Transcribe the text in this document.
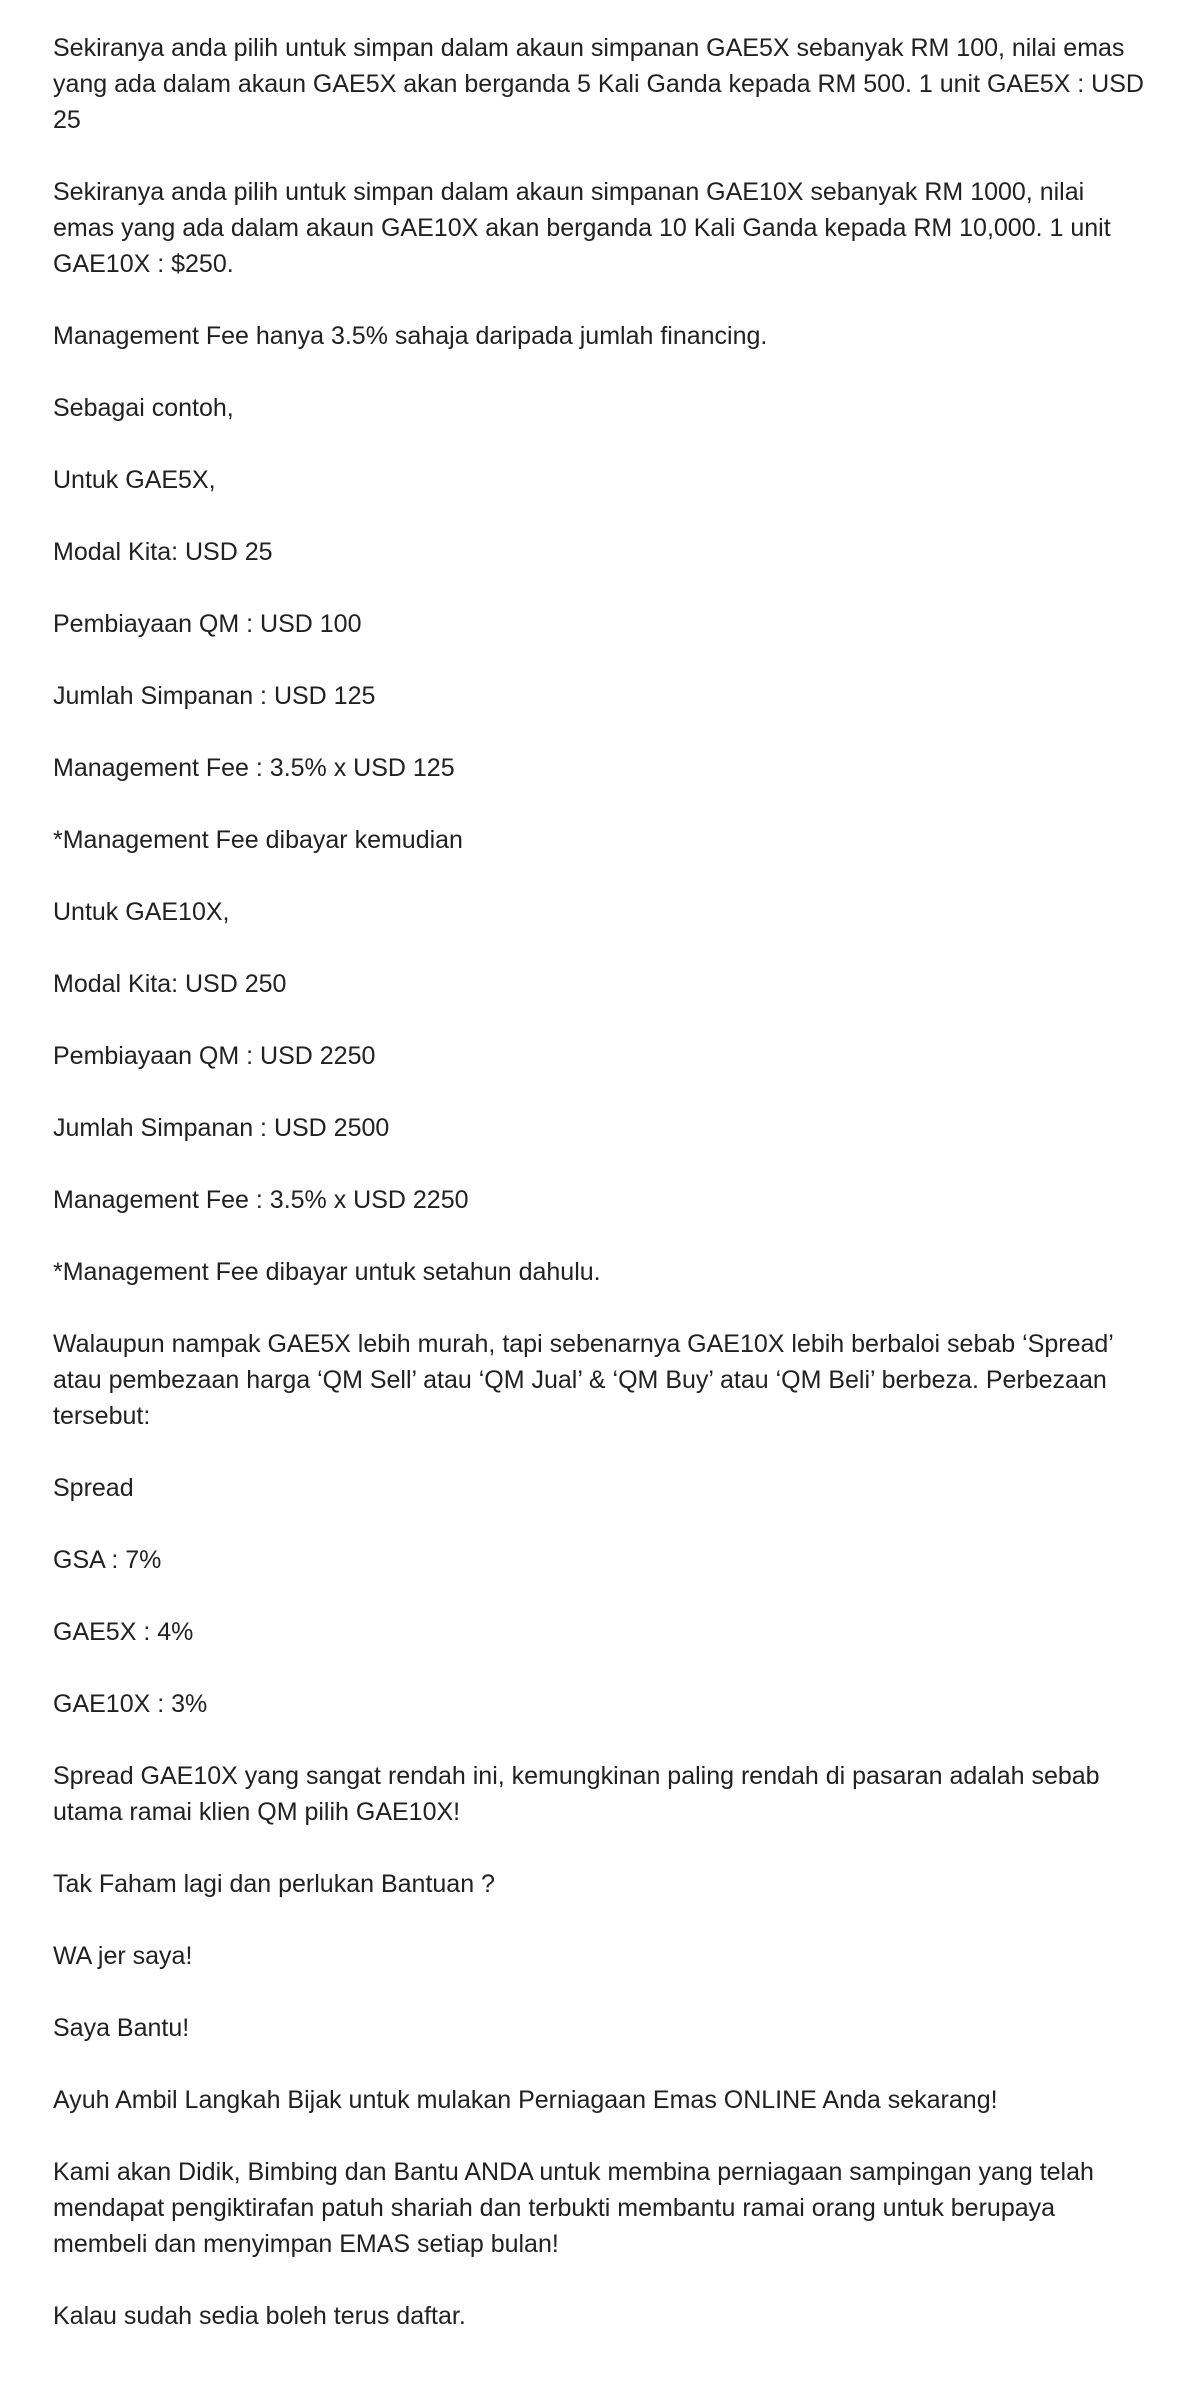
Sekiranya anda pilih untuk simpan dalam akaun simpanan GAE5X sebanyak RM 100, nilai emas yang ada dalam akaun GAE5X akan berganda 5 Kali Ganda kepada RM 500. 1 unit GAE5X : USD 25

Sekiranya anda pilih untuk simpan dalam akaun simpanan GAE10X sebanyak RM 1000, nilai emas yang ada dalam akaun GAE10X akan berganda 10 Kali Ganda kepada RM 10,000. 1 unit GAE10X : $250.

Management Fee hanya 3.5% sahaja daripada jumlah financing.

Sebagai contoh,

Untuk GAE5X,

Modal Kita: USD 25

Pembiayaan QM : USD 100

Jumlah Simpanan : USD 125

Management Fee : 3.5% x USD 125

*Management Fee dibayar kemudian

Untuk GAE10X,

Modal Kita: USD 250

Pembiayaan QM : USD 2250

Jumlah Simpanan : USD 2500

Management Fee : 3.5% x USD 2250

*Management Fee dibayar untuk setahun dahulu.

Walaupun nampak GAE5X lebih murah, tapi sebenarnya GAE10X lebih berbaloi sebab ‘Spread’ atau pembezaan harga ‘QM Sell’ atau ‘QM Jual’ & ‘QM Buy’ atau ‘QM Beli’ berbeza. Perbezaan tersebut:

Spread

GSA : 7%

GAE5X : 4%

GAE10X : 3%

Spread GAE10X yang sangat rendah ini, kemungkinan paling rendah di pasaran adalah sebab utama ramai klien QM pilih GAE10X!

Tak Faham lagi dan perlukan Bantuan ?

WA jer saya!

Saya Bantu!

Ayuh Ambil Langkah Bijak untuk mulakan Perniagaan Emas ONLINE Anda sekarang!

Kami akan Didik, Bimbing dan Bantu ANDA untuk membina perniagaan sampingan yang telah mendapat pengiktirafan patuh shariah dan terbukti membantu ramai orang untuk berupaya membeli dan menyimpan EMAS setiap bulan!

Kalau sudah sedia boleh terus daftar.
